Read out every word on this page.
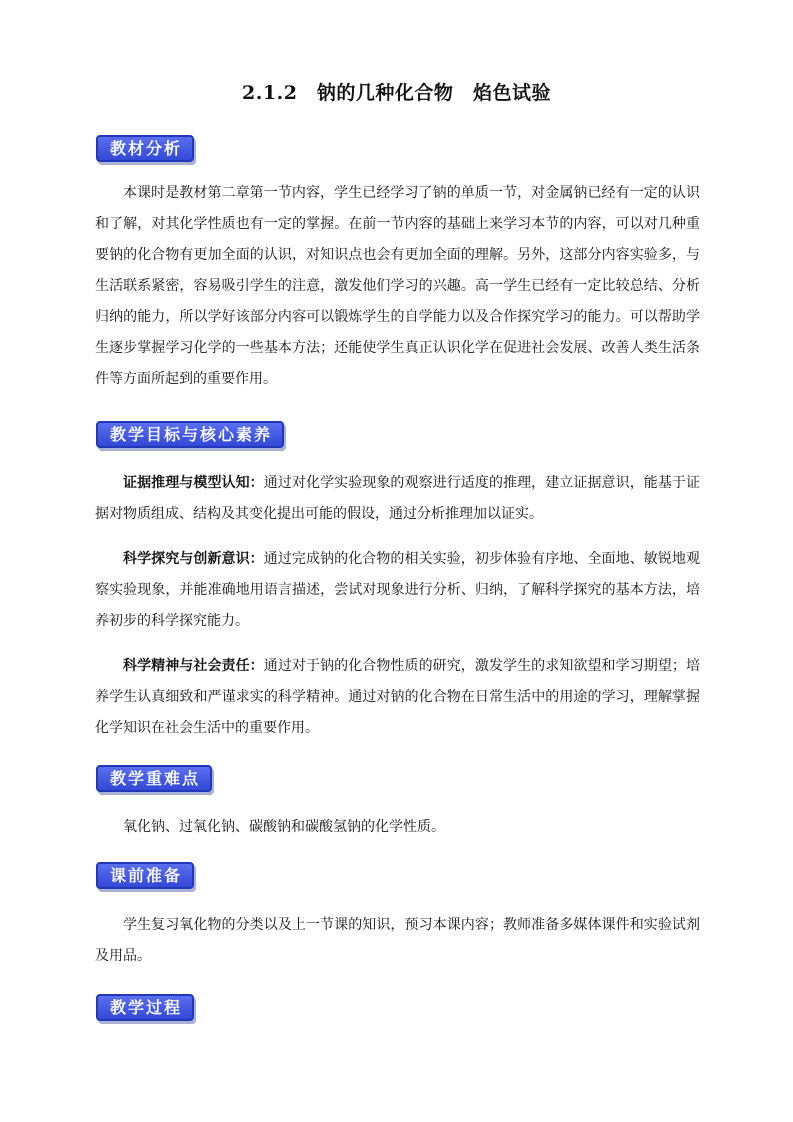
2.1.2　钠的几种化合物　焰色试验
教材分析

本课时是教材第二章第一节内容，学生已经学习了钠的单质一节，对金属钠已经有一定的认识和了解，对其化学性质也有一定的掌握。在前一节内容的基础上来学习本节的内容，可以对几种重要钠的化合物有更加全面的认识，对知识点也会有更加全面的理解。另外，这部分内容实验多，与生活联系紧密，容易吸引学生的注意，激发他们学习的兴趣。高一学生已经有一定比较总结、分析归纳的能力，所以学好该部分内容可以锻炼学生的自学能力以及合作探究学习的能力。可以帮助学生逐步掌握学习化学的一些基本方法；还能使学生真正认识化学在促进社会发展、改善人类生活条件等方面所起到的重要作用。

教学目标与核心素养

证据推理与模型认知：通过对化学实验现象的观察进行适度的推理，建立证据意识，能基于证据对物质组成、结构及其变化提出可能的假设，通过分析推理加以证实。

科学探究与创新意识：通过完成钠的化合物的相关实验，初步体验有序地、全面地、敏锐地观察实验现象，并能准确地用语言描述，尝试对现象进行分析、归纳，了解科学探究的基本方法，培养初步的科学探究能力。

科学精神与社会责任：通过对于钠的化合物性质的研究，激发学生的求知欲望和学习期望；培养学生认真细致和严谨求实的科学精神。通过对钠的化合物在日常生活中的用途的学习，理解掌握化学知识在社会生活中的重要作用。

教学重难点

氧化钠、过氧化钠、碳酸钠和碳酸氢钠的化学性质。

课前准备

学生复习氧化物的分类以及上一节课的知识，预习本课内容；教师准备多媒体课件和实验试剂及用品。

教学过程
